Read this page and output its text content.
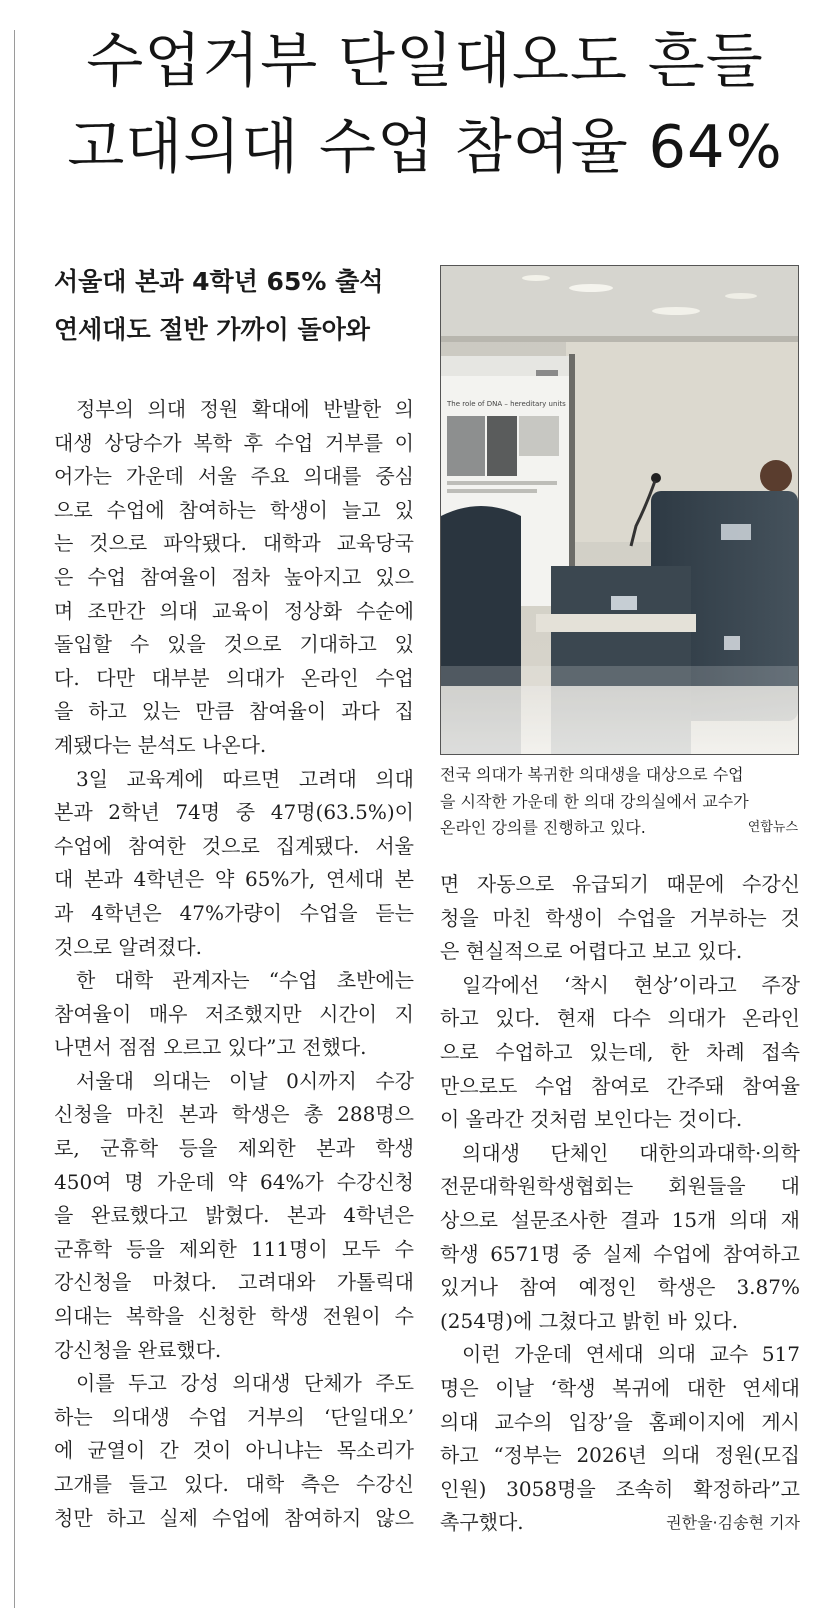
수업거부 단일대오도 흔들
고대의대 수업 참여율 64%
서울대 본과 4학년 65% 출석
연세대도 절반 가까이 돌아와
The role of DNA – hereditary units
전국 의대가 복귀한 의대생을 대상으로 수업
을 시작한 가운데 한 의대 강의실에서 교수가
온라인 강의를 진행하고 있다.	연합뉴스
정부의 의대 정원 확대에 반발한 의
대생 상당수가 복학 후 수업 거부를 이
어가는 가운데 서울 주요 의대를 중심
으로 수업에 참여하는 학생이 늘고 있
는 것으로 파악됐다. 대학과 교육당국
은 수업 참여율이 점차 높아지고 있으
며 조만간 의대 교육이 정상화 수순에
돌입할 수 있을 것으로 기대하고 있
다. 다만 대부분 의대가 온라인 수업
을 하고 있는 만큼 참여율이 과다 집
계됐다는 분석도 나온다.
3일 교육계에 따르면 고려대 의대
본과 2학년 74명 중 47명(63.5%)이
수업에 참여한 것으로 집계됐다. 서울
대 본과 4학년은 약 65%가, 연세대 본
과 4학년은 47%가량이 수업을 듣는
것으로 알려졌다.
한 대학 관계자는 “수업 초반에는
참여율이 매우 저조했지만 시간이 지
나면서 점점 오르고 있다”고 전했다.
서울대 의대는 이날 0시까지 수강
신청을 마친 본과 학생은 총 288명으
로, 군휴학 등을 제외한 본과 학생
450여 명 가운데 약 64%가 수강신청
을 완료했다고 밝혔다. 본과 4학년은
군휴학 등을 제외한 111명이 모두 수
강신청을 마쳤다. 고려대와 가톨릭대
의대는 복학을 신청한 학생 전원이 수
강신청을 완료했다.
이를 두고 강성 의대생 단체가 주도
하는 의대생 수업 거부의 ‘단일대오’
에 균열이 간 것이 아니냐는 목소리가
고개를 들고 있다. 대학 측은 수강신
청만 하고 실제 수업에 참여하지 않으
면 자동으로 유급되기 때문에 수강신
청을 마친 학생이 수업을 거부하는 것
은 현실적으로 어렵다고 보고 있다.
일각에선 ‘착시 현상’이라고 주장
하고 있다. 현재 다수 의대가 온라인
으로 수업하고 있는데, 한 차례 접속
만으로도 수업 참여로 간주돼 참여율
이 올라간 것처럼 보인다는 것이다.
의대생 단체인 대한의과대학·의학
전문대학원학생협회는 회원들을 대
상으로 설문조사한 결과 15개 의대 재
학생 6571명 중 실제 수업에 참여하고
있거나 참여 예정인 학생은 3.87%
(254명)에 그쳤다고 밝힌 바 있다.
이런 가운데 연세대 의대 교수 517
명은 이날 ‘학생 복귀에 대한 연세대
의대 교수의 입장’을 홈페이지에 게시
하고 “정부는 2026년 의대 정원(모집
인원) 3058명을 조속히 확정하라”고
촉구했다.	권한울·김송현 기자
